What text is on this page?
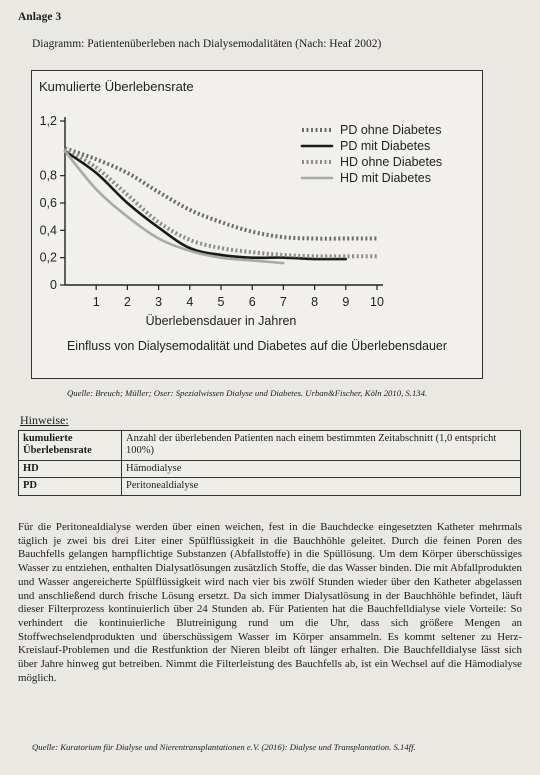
Anlage 3
Diagramm: Patientenüberleben nach Dialysemodalitäten (Nach: Heaf 2002)
Kumulierte Überlebensrate
0
0,2
0,4
0,6
0,8
1,2
1 2 3 4 5 6 7 8 9 10
Überlebensdauer in Jahren
Einfluss von Dialysemodalität und Diabetes auf die Überlebensdauer
PD ohne Diabetes
PD mit Diabetes
HD ohne Diabetes
HD mit Diabetes
Quelle: Breuch; Müller; Oser: Spezialwissen Dialyse und Diabetes. Urban&Fischer, Köln 2010, S.134.
Hinweise:
kumulierte Überlebensrate	Anzahl der überlebenden Patienten nach einem bestimmten Zeitabschnitt (1,0 entspricht 100%)
HD	Hämodialyse
PD	Peritonealdialyse
Für die Peritonealdialyse werden über einen weichen, fest in die Bauchdecke eingesetzten Katheter mehrmals täglich je zwei bis drei Liter einer Spülflüssigkeit in die Bauchhöhle geleitet. Durch die feinen Poren des Bauchfells gelangen harnpflichtige Substanzen (Abfallstoffe) in die Spüllösung. Um dem Körper überschüssiges Wasser zu entziehen, enthalten Dialysatlösungen zusätzlich Stoffe, die das Wasser binden. Die mit Abfallprodukten und Wasser angereicherte Spülflüssigkeit wird nach vier bis zwölf Stunden wieder über den Katheter abgelassen und anschließend durch frische Lösung ersetzt. Da sich immer Dialysatlösung in der Bauchhöhle befindet, läuft dieser Filterprozess kontinuierlich über 24 Stunden ab. Für Patienten hat die Bauchfelldialyse viele Vorteile: So verhindert die kontinuierliche Blutreinigung rund um die Uhr, dass sich größere Mengen an Stoffwechselendprodukten und überschüssigem Wasser im Körper ansammeln. Es kommt seltener zu Herz-Kreislauf-Problemen und die Restfunktion der Nieren bleibt oft länger erhalten. Die Bauchfelldialyse lässt sich über Jahre hinweg gut betreiben. Nimmt die Filterleistung des Bauchfells ab, ist ein Wechsel auf die Hämodialyse möglich.
Quelle: Kuratorium für Dialyse und Nierentransplantationen e.V. (2016): Dialyse und Transplantation. S.14ff.
